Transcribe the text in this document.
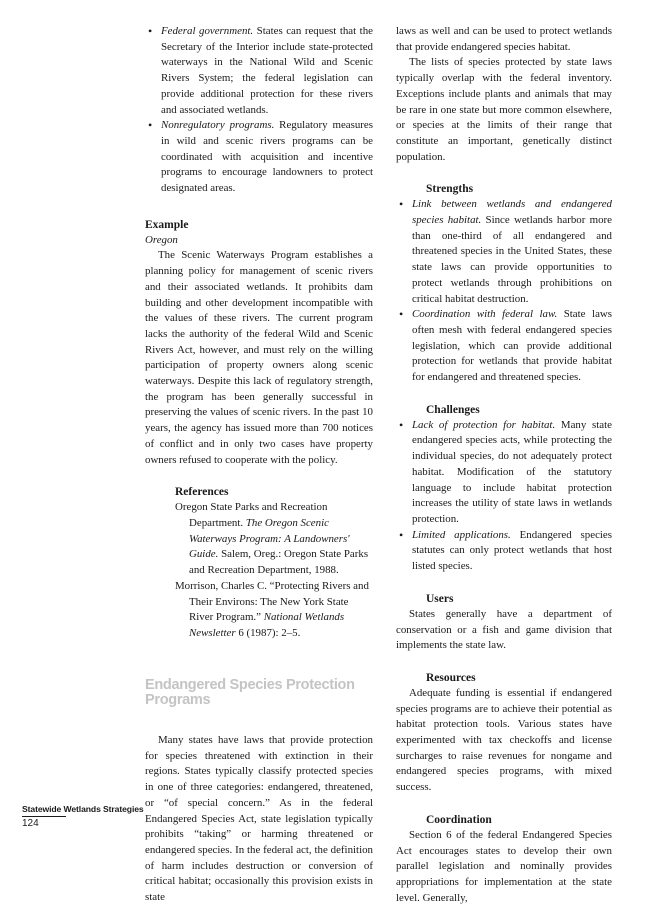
• Federal government. States can request that the Secretary of the Interior include state-protected waterways in the National Wild and Scenic Rivers System; the federal legislation can provide additional protection for these rivers and associated wetlands.
• Nonregulatory programs. Regulatory measures in wild and scenic rivers programs can be coordinated with acquisition and incentive programs to encourage landowners to protect designated areas.
Example
Oregon

The Scenic Waterways Program establishes a planning policy for management of scenic rivers and their associated wetlands. It prohibits dam building and other development incompatible with the values of these rivers. The current program lacks the authority of the federal Wild and Scenic Rivers Act, however, and must rely on the willing participation of property owners along scenic waterways. Despite this lack of regulatory strength, the program has been generally successful in preserving the values of scenic rivers. In the past 10 years, the agency has issued more than 700 notices of conflict and in only two cases have property owners refused to cooperate with the policy.

References
Oregon State Parks and Recreation Department. The Oregon Scenic Waterways Program: A Landowners' Guide. Salem, Oreg.: Oregon State Parks and Recreation Department, 1988.
Morrison, Charles C. “Protecting Rivers and Their Environs: The New York State River Program.” National Wetlands Newsletter 6 (1987): 2–5.
Endangered Species Protection Programs

Many states have laws that provide protection for species threatened with extinction in their regions. States typically classify protected species in one of three categories: endangered, threatened, or “of special concern.” As in the federal Endangered Species Act, state legislation typically prohibits “taking” or harming threatened or endangered species. In the federal act, the definition of harm includes destruction or conversion of critical habitat; occasionally this provision exists in state

laws as well and can be used to protect wetlands that provide endangered species habitat.

The lists of species protected by state laws typically overlap with the federal inventory. Exceptions include plants and animals that may be rare in one state but more common elsewhere, or species at the limits of their range that constitute an important, genetically distinct population.

Strengths
• Link between wetlands and endangered species habitat. Since wetlands harbor more than one-third of all endangered and threatened species in the United States, these state laws can provide opportunities to protect wetlands through prohibitions on critical habitat destruction.
• Coordination with federal law. State laws often mesh with federal endangered species legislation, which can provide additional protection for wetlands that provide habitat for endangered and threatened species.
Challenges
• Lack of protection for habitat. Many state endangered species acts, while protecting the individual species, do not adequately protect habitat. Modification of the statutory language to include habitat protection increases the utility of state laws in wetlands protection.
• Limited applications. Endangered species statutes can only protect wetlands that host listed species.
Users

States generally have a department of conservation or a fish and game division that implements the state law.

Resources

Adequate funding is essential if endangered species programs are to achieve their potential as habitat protection tools. Various states have experimented with tax checkoffs and license surcharges to raise revenues for nongame and endangered species programs, with mixed success.

Coordination

Section 6 of the federal Endangered Species Act encourages states to develop their own parallel legislation and nominally provides appropriations for implementation at the state level. Generally,

Statewide Wetlands Strategies
124
